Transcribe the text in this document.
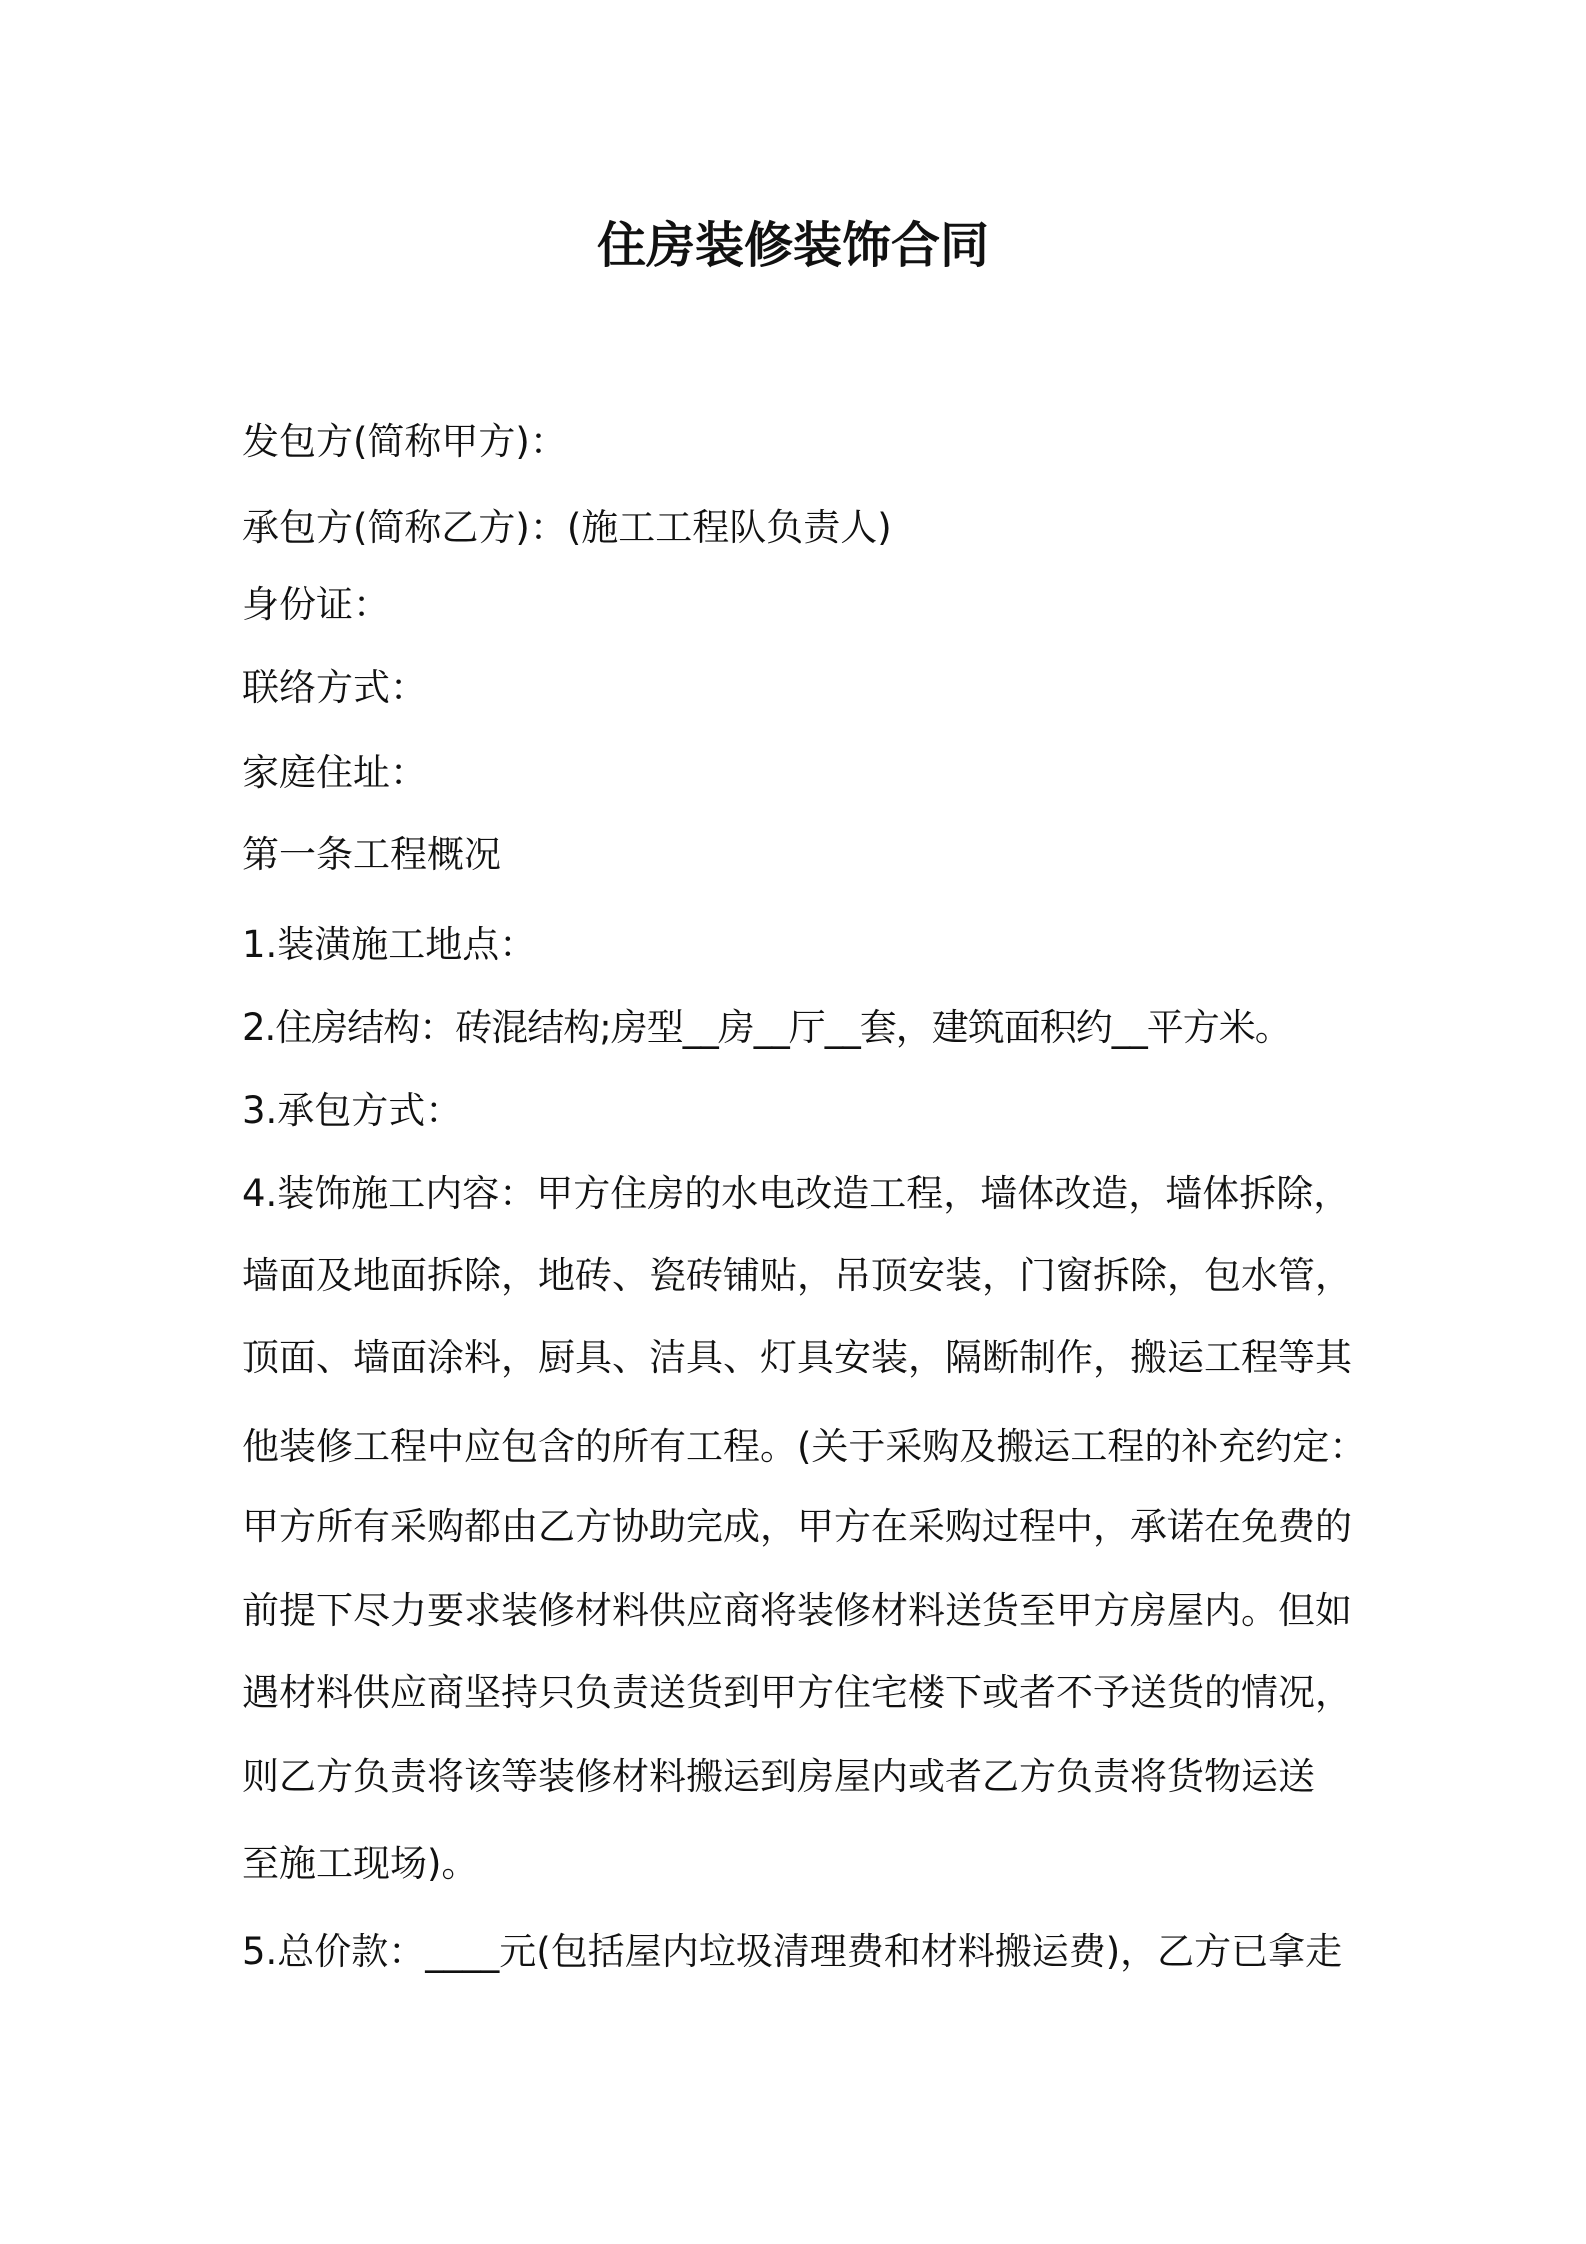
住房装修装饰合同
发包方(简称甲方)：
承包方(简称乙方)：(施工工程队负责人)
身份证：
联络方式：
家庭住址：
第一条工程概况
1.装潢施工地点：
2.住房结构：砖混结构;房型__房__厅__套，建筑面积约__平方米。
3.承包方式：
4.装饰施工内容：甲方住房的水电改造工程，墙体改造，墙体拆除，
墙面及地面拆除，地砖、瓷砖铺贴，吊顶安装，门窗拆除，包水管，
顶面、墙面涂料，厨具、洁具、灯具安装，隔断制作，搬运工程等其
他装修工程中应包含的所有工程。(关于采购及搬运工程的补充约定：
甲方所有采购都由乙方协助完成，甲方在采购过程中，承诺在免费的
前提下尽力要求装修材料供应商将装修材料送货至甲方房屋内。但如
遇材料供应商坚持只负责送货到甲方住宅楼下或者不予送货的情况，
则乙方负责将该等装修材料搬运到房屋内或者乙方负责将货物运送
至施工现场)。
5.总价款：____元(包括屋内垃圾清理费和材料搬运费)，乙方已拿走
